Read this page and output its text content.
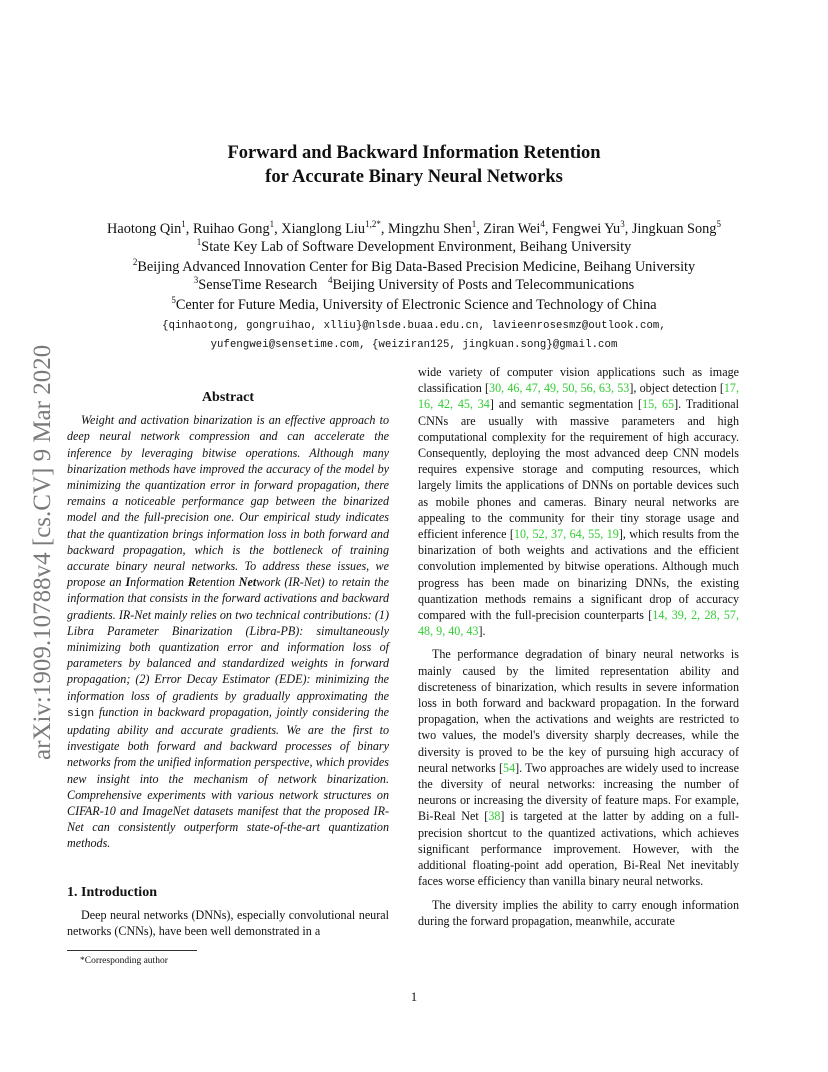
arXiv:1909.10788v4 [cs.CV] 9 Mar 2020
Forward and Backward Information Retention
for Accurate Binary Neural Networks
Haotong Qin$^1$, Ruihao Gong$^1$, Xianglong Liu$^{1,2*}$, Mingzhu Shen$^1$, Ziran Wei$^4$, Fengwei Yu$^3$, Jingkuan Song$^5$
$^1$State Key Lab of Software Development Environment, Beihang University
$^2$Beijing Advanced Innovation Center for Big Data-Based Precision Medicine, Beihang University
$^3$SenseTime Research $^4$Beijing University of Posts and Telecommunications
$^5$Center for Future Media, University of Electronic Science and Technology of China
{qinhaotong, gongruihao, xlliu}@nlsde.buaa.edu.cn, lavieenrosesmz@outlook.com,
yufengwei@sensetime.com, {weiziran125, jingkuan.song}@gmail.com
Abstract

Weight and activation binarization is an effective approach to deep neural network compression and can accelerate the inference by leveraging bitwise operations. Although many binarization methods have improved the accuracy of the model by minimizing the quantization error in forward propagation, there remains a noticeable performance gap between the binarized model and the full-precision one. Our empirical study indicates that the quantization brings information loss in both forward and backward propagation, which is the bottleneck of training accurate binary neural networks. To address these issues, we propose an Information Retention Network (IR-Net) to retain the information that consists in the forward activations and backward gradients. IR-Net mainly relies on two technical contributions: (1) Libra Parameter Binarization (Libra-PB): simultaneously minimizing both quantization error and information loss of parameters by balanced and standardized weights in forward propagation; (2) Error Decay Estimator (EDE): minimizing the information loss of gradients by gradually approximating the sign function in backward propagation, jointly considering the updating ability and accurate gradients. We are the first to investigate both forward and backward processes of binary networks from the unified information perspective, which provides new insight into the mechanism of network binarization. Comprehensive experiments with various network structures on CIFAR-10 and ImageNet datasets manifest that the proposed IR-Net can consistently outperform state-of-the-art quantization methods.

1. Introduction

Deep neural networks (DNNs), especially convolutional neural networks (CNNs), have been well demonstrated in a

*Corresponding author

wide variety of computer vision applications such as image classification [30, 46, 47, 49, 50, 56, 63, 53], object detection [17, 16, 42, 45, 34] and semantic segmentation [15, 65]. Traditional CNNs are usually with massive parameters and high computational complexity for the requirement of high accuracy. Consequently, deploying the most advanced deep CNN models requires expensive storage and computing resources, which largely limits the applications of DNNs on portable devices such as mobile phones and cameras. Binary neural networks are appealing to the community for their tiny storage usage and efficient inference [10, 52, 37, 64, 55, 19], which results from the binarization of both weights and activations and the efficient convolution implemented by bitwise operations. Although much progress has been made on binarizing DNNs, the existing quantization methods remains a significant drop of accuracy compared with the full-precision counterparts [14, 39, 2, 28, 57, 48, 9, 40, 43].

The performance degradation of binary neural networks is mainly caused by the limited representation ability and discreteness of binarization, which results in severe information loss in both forward and backward propagation. In the forward propagation, when the activations and weights are restricted to two values, the model's diversity sharply decreases, while the diversity is proved to be the key of pursuing high accuracy of neural networks [54]. Two approaches are widely used to increase the diversity of neural networks: increasing the number of neurons or increasing the diversity of feature maps. For example, Bi-Real Net [38] is targeted at the latter by adding on a full-precision shortcut to the quantized activations, which achieves significant performance improvement. However, with the additional floating-point add operation, Bi-Real Net inevitably faces worse efficiency than vanilla binary neural networks.

The diversity implies the ability to carry enough information during the forward propagation, meanwhile, accurate

1
